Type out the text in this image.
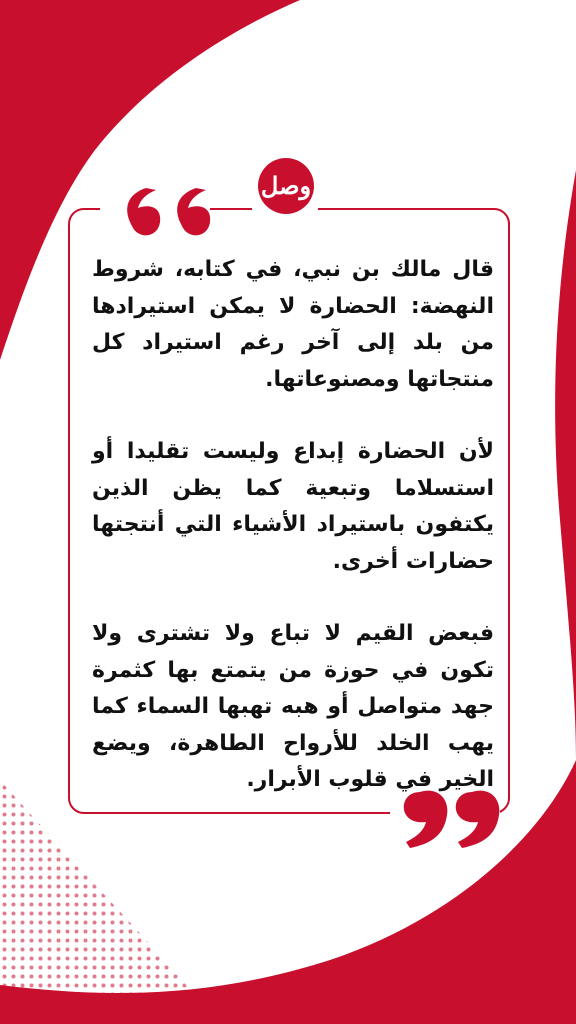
وصل

قال مالك بن نبي، في كتابه، شروط النهضة: الحضارة لا يمكن استيرادها من بلد إلى آخر رغم استيراد كل منتجاتها ومصنوعاتها.

لأن الحضارة إبداع وليست تقليدا أو استسلاما وتبعية كما يظن الذين يكتفون باستيراد الأشياء التي أنتجتها حضارات أخرى.

فبعض القيم لا تباع ولا تشترى ولا تكون في حوزة من يتمتع بها كثمرة جهد متواصل أو هبه تهبها السماء كما يهب الخلد للأرواح الطاهرة، ويضع الخير في قلوب الأبرار.
